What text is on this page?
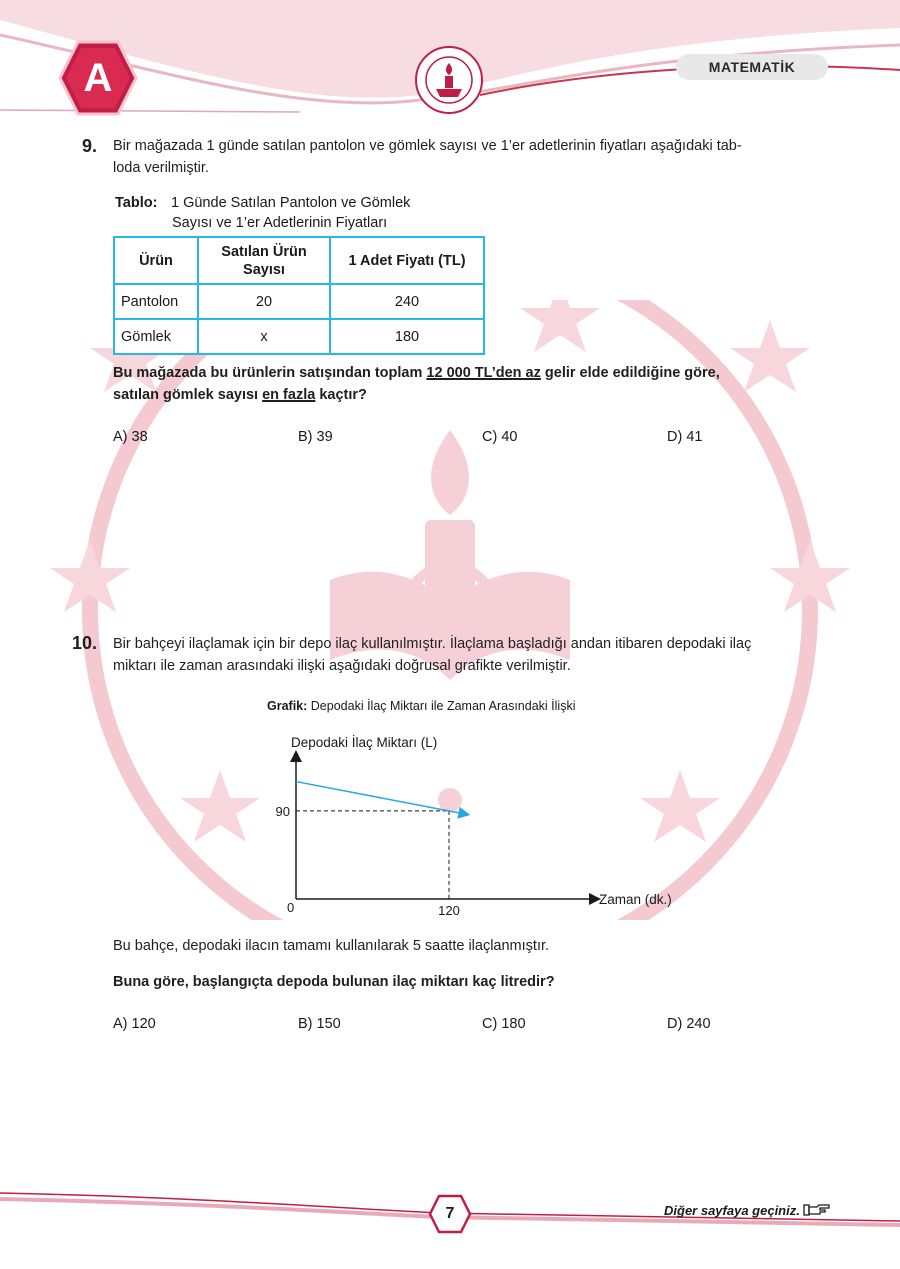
A	MATEMATİK
9. Bir mağazada 1 günde satılan pantolon ve gömlek sayısı ve 1’er adetlerinin fiyatları aşağıdaki tab-
loda verilmiştir.
Tablo: 1 Günde Satılan Pantolon ve Gömlek
Sayısı ve 1’er Adetlerinin Fiyatları
Ürün	Satılan Ürün Sayısı	1 Adet Fiyatı (TL)
Pantolon	20	240
Gömlek	x	180
Bu mağazada bu ürünlerin satışından toplam 12 000 TL’den az gelir elde edildiğine göre,
satılan gömlek sayısı en fazla kaçtır?
A) 38	B) 39	C) 40	D) 41
10. Bir bahçeyi ilaçlamak için bir depo ilaç kullanılmıştır. İlaçlama başladığı andan itibaren depodaki ilaç
miktarı ile zaman arasındaki ilişki aşağıdaki doğrusal grafikte verilmiştir.
Grafik: Depodaki İlaç Miktarı ile Zaman Arasındaki İlişki
Depodaki İlaç Miktarı (L)
Zaman (dk.)
0
90
120
Bu bahçe, depodaki ilacın tamamı kullanılarak 5 saatte ilaçlanmıştır.
Buna göre, başlangıçta depoda bulunan ilaç miktarı kaç litredir?
A) 120	B) 150	C) 180	D) 240
7	Diğer sayfaya geçiniz.
